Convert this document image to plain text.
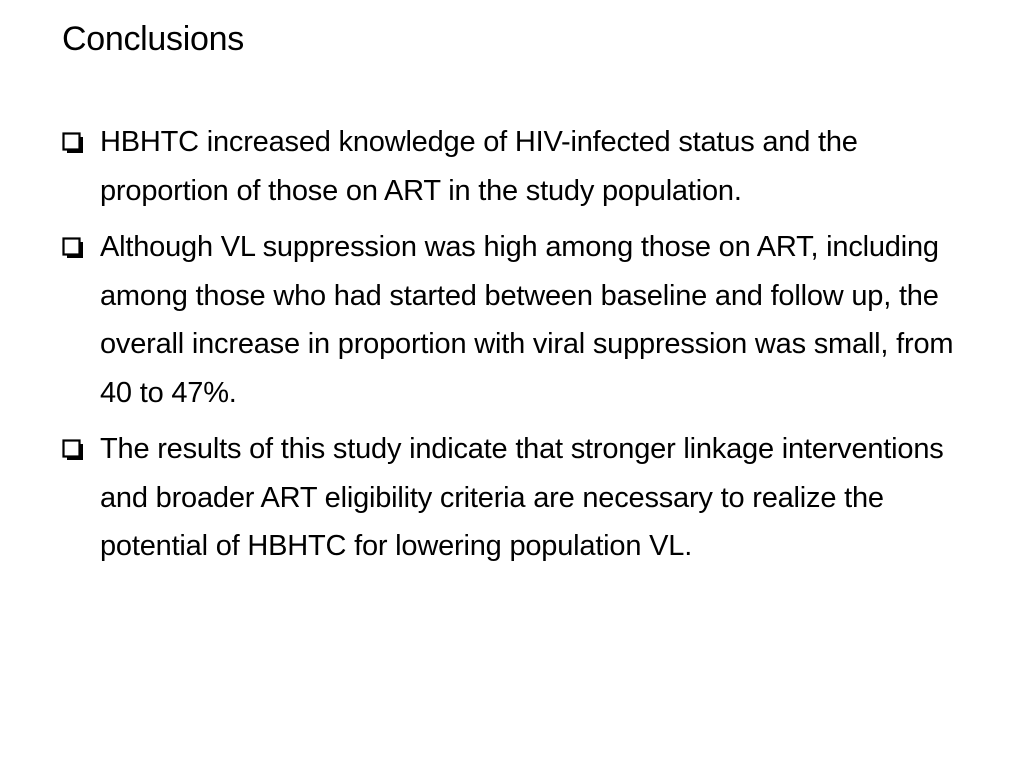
Conclusions
HBHTC increased knowledge of HIV-infected status and the proportion of those on ART in the study population.
Although VL suppression was high among those on ART, including among those who had started between baseline and follow up, the overall increase in proportion with viral suppression was small, from 40 to 47%.
The results of this study indicate that stronger linkage interventions and broader ART eligibility criteria are necessary to realize the potential of HBHTC for lowering population VL.
